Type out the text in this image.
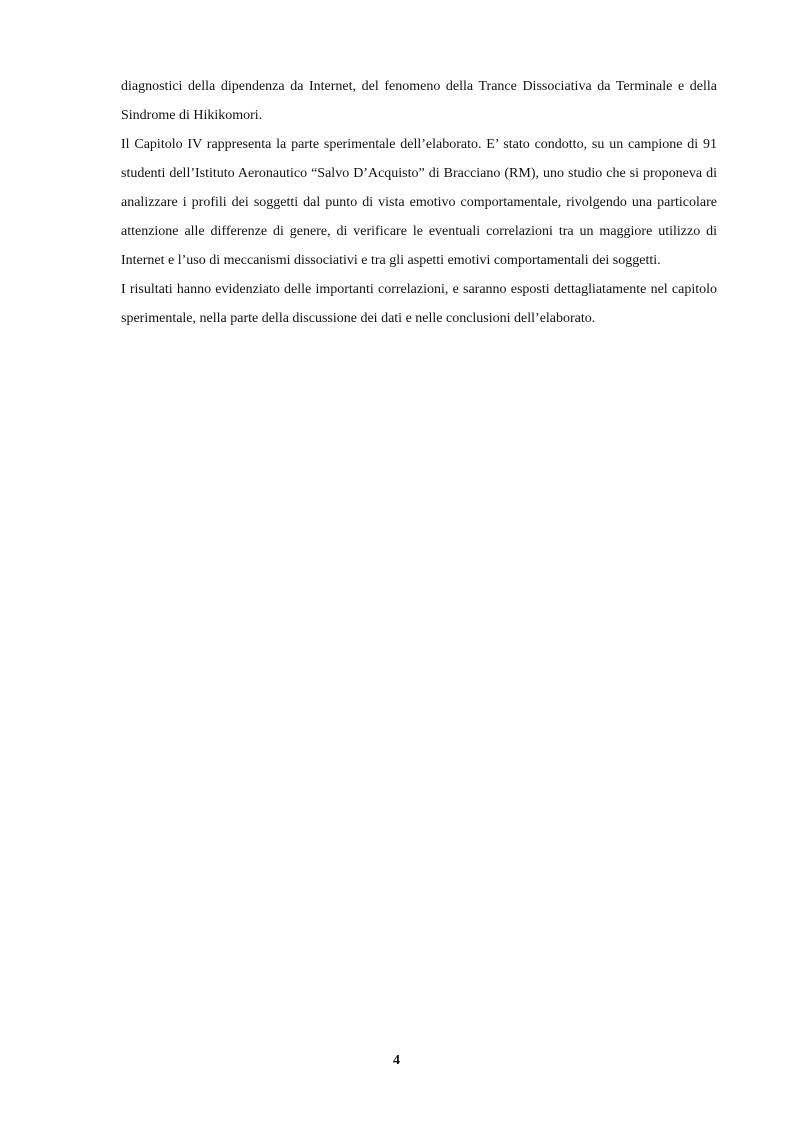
diagnostici della dipendenza da Internet, del fenomeno della Trance Dissociativa da Terminale e della Sindrome di Hikikomori.

Il Capitolo IV rappresenta la parte sperimentale dell’elaborato. E’ stato condotto, su un campione di 91 studenti dell’Istituto Aeronautico “Salvo D’Acquisto” di Bracciano (RM), uno studio che si proponeva di analizzare i profili dei soggetti dal punto di vista emotivo comportamentale, rivolgendo una particolare attenzione alle differenze di genere, di verificare le eventuali correlazioni tra un maggiore utilizzo di Internet e l’uso di meccanismi dissociativi e tra gli aspetti emotivi comportamentali dei soggetti.

I risultati hanno evidenziato delle importanti correlazioni, e saranno esposti dettagliatamente nel capitolo sperimentale, nella parte della discussione dei dati e nelle conclusioni dell’elaborato.

4
